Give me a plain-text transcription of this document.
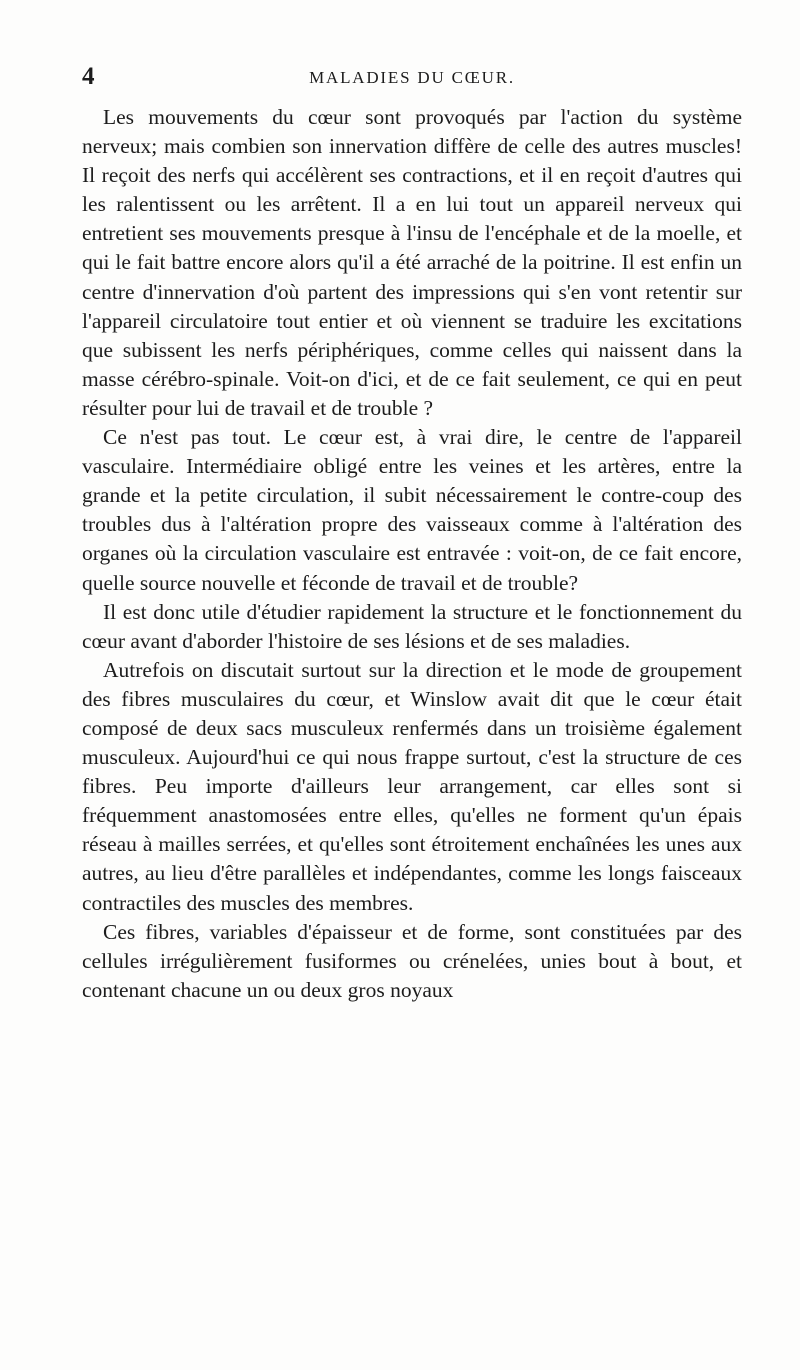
4	MALADIES DU CŒUR.

Les mouvements du cœur sont provoqués par l'action du système nerveux; mais combien son innervation diffère de celle des autres muscles! Il reçoit des nerfs qui accélèrent ses contractions, et il en reçoit d'autres qui les ralentissent ou les arrêtent. Il a en lui tout un appareil nerveux qui entretient ses mouvements presque à l'insu de l'encéphale et de la moelle, et qui le fait battre encore alors qu'il a été arraché de la poitrine. Il est enfin un centre d'innervation d'où partent des impressions qui s'en vont retentir sur l'appareil circulatoire tout entier et où viennent se traduire les excitations que subissent les nerfs périphériques, comme celles qui naissent dans la masse cérébro-spinale. Voit-on d'ici, et de ce fait seulement, ce qui en peut résulter pour lui de travail et de trouble ?

Ce n'est pas tout. Le cœur est, à vrai dire, le centre de l'appareil vasculaire. Intermédiaire obligé entre les veines et les artères, entre la grande et la petite circulation, il subit nécessairement le contre-coup des troubles dus à l'altération propre des vaisseaux comme à l'altération des organes où la circulation vasculaire est entravée : voit-on, de ce fait encore, quelle source nouvelle et féconde de travail et de trouble?

Il est donc utile d'étudier rapidement la structure et le fonctionnement du cœur avant d'aborder l'histoire de ses lésions et de ses maladies.

Autrefois on discutait surtout sur la direction et le mode de groupement des fibres musculaires du cœur, et Winslow avait dit que le cœur était composé de deux sacs musculeux renfermés dans un troisième également musculeux. Aujourd'hui ce qui nous frappe surtout, c'est la structure de ces fibres. Peu importe d'ailleurs leur arrangement, car elles sont si fréquemment anastomosées entre elles, qu'elles ne forment qu'un épais réseau à mailles serrées, et qu'elles sont étroitement enchaînées les unes aux autres, au lieu d'être parallèles et indépendantes, comme les longs faisceaux contractiles des muscles des membres.

Ces fibres, variables d'épaisseur et de forme, sont constituées par des cellules irrégulièrement fusiformes ou crénelées, unies bout à bout, et contenant chacune un ou deux gros noyaux
